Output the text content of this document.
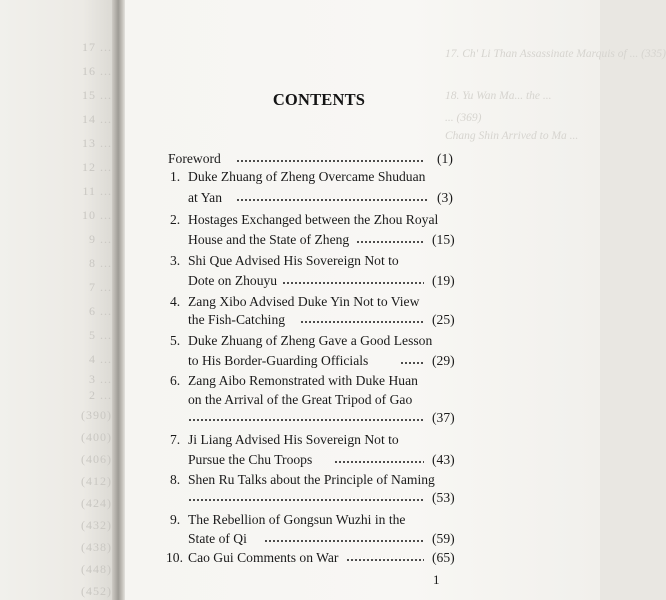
17 ...
16 ...
15 ...
14 ...
13 ...
12 ...
11 ...
10 ...
9 ...
8 ...
7 ...
6 ...
5 ...
4 ...
3 ...
2 ...
(390)
(400)
(406)
(412)
(424)
(432)
(438)
(448)
(452)
17. Ch' Li Than Assassinate Marquis of ... (335)
18. Yu Wan Ma... the ...
... (369)
Chang Shin Arrived to Ma ...
CONTENTS
Foreword	(1)
1. Duke Zhuang of Zheng Overcame Shuduan
at Yan	(3)
2. Hostages Exchanged between the Zhou Royal
House and the State of Zheng	(15)
3. Shi Que Advised His Sovereign Not to
Dote on Zhouyu	(19)
4. Zang Xibo Advised Duke Yin Not to View
the Fish-Catching	(25)
5. Duke Zhuang of Zheng Gave a Good Lesson
to His Border-Guarding Officials	(29)
6. Zang Aibo Remonstrated with Duke Huan
on the Arrival of the Great Tripod of Gao
(37)
7. Ji Liang Advised His Sovereign Not to
Pursue the Chu Troops	(43)
8. Shen Ru Talks about the Principle of Naming
(53)
9. The Rebellion of Gongsun Wuzhi in the
State of Qi	(59)
10. Cao Gui Comments on War	(65)
1
